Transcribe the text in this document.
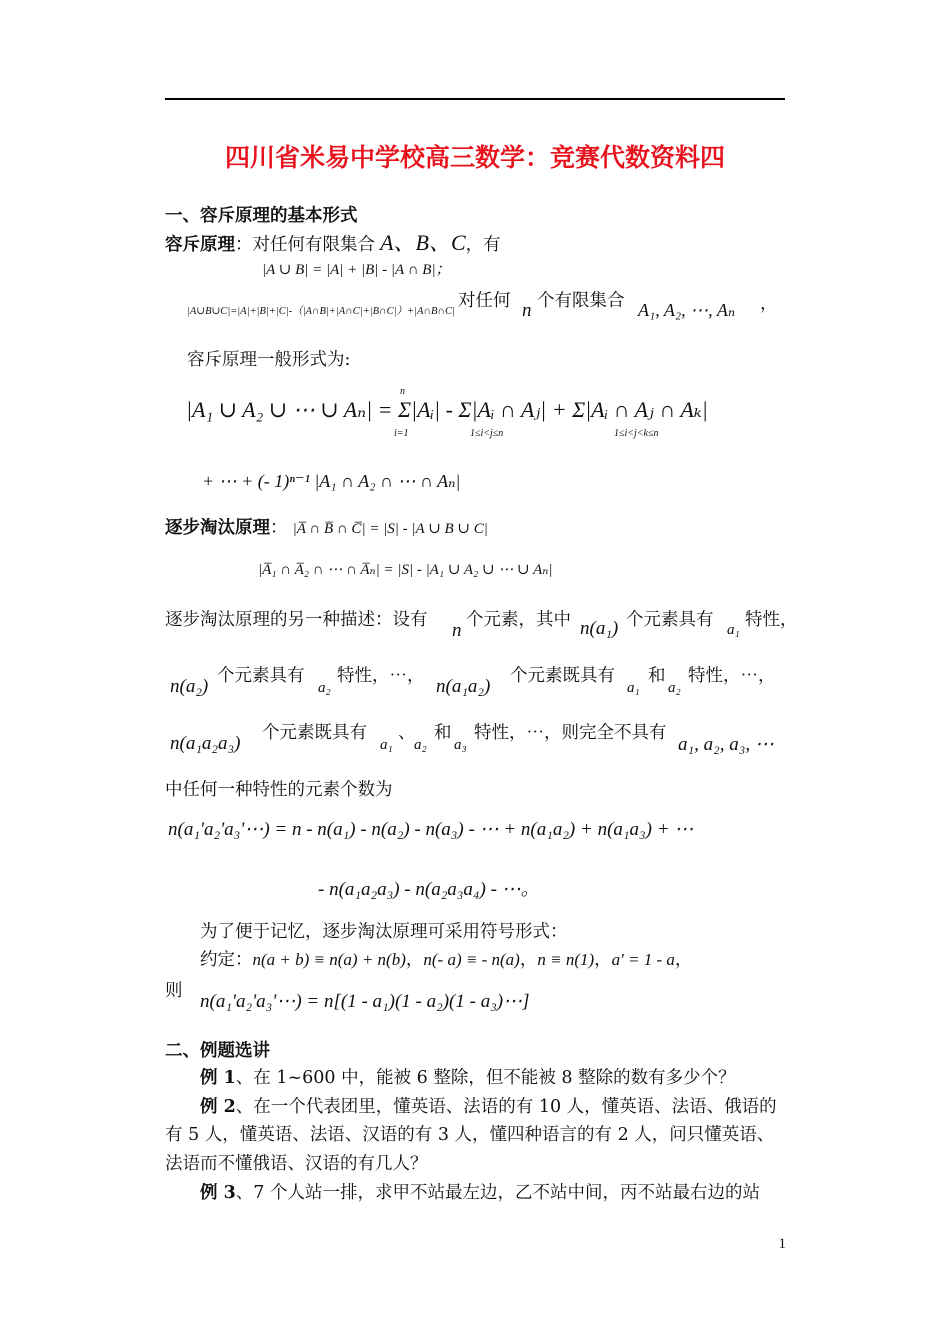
四川省米易中学校高三数学：竞赛代数资料四
一、容斥原理的基本形式
容斥原理：对任何有限集合 A、B、C，有
|A ∪ B| = |A| + |B| - |A ∩ B|；
|A∪B∪C|=|A|+|B|+|C|-（|A∩B|+|A∩C|+|B∩C|）+|A∩B∩C|
对任何 n 个有限集合 A₁, A₂, ⋯, Aₙ ，
容斥原理一般形式为:
|A₁ ∪ A₂ ∪ ⋯ ∪ Aₙ| = Σ|Aᵢ| - Σ|Aᵢ ∩ Aⱼ| + Σ|Aᵢ ∩ Aⱼ ∩ Aₖ|
n
i=1	1≤i<j≤n	1≤i<j<k≤n
+ ⋯ + (- 1)ⁿ⁻¹ |A₁ ∩ A₂ ∩ ⋯ ∩ Aₙ|
逐步淘汰原理： |A̅ ∩ B̅ ∩ C̅| = |S| - |A ∪ B ∪ C|
|A̅₁ ∩ A̅₂ ∩ ⋯ ∩ A̅ₙ| = |S| - |A₁ ∪ A₂ ∪ ⋯ ∪ Aₙ|
逐步淘汰原理的另一种描述：设有 n 个元素，其中 n(a₁) 个元素具有 a₁ 特性，
n(a₂) 个元素具有
a₂
特性，⋯， n(a₁a₂) 个元素既具有
a₁
和
a₂
特性，⋯，
n(a₁a₂a₃) 个元素既具有
a₁
、
a₂
和
a₃
特性，⋯，则完全不具有
a₁, a₂, a₃, ⋯
中任何一种特性的元素个数为
n(a₁'a₂'a₃'⋯) = n - n(a₁) - n(a₂) - n(a₃) - ⋯ + n(a₁a₂) + n(a₁a₃) + ⋯
- n(a₁a₂a₃) - n(a₂a₃a₄) - ⋯。
为了便于记忆，逐步淘汰原理可采用符号形式：
约定：n(a + b) ≡ n(a) + n(b)，n(- a) ≡ - n(a)，n ≡ n(1)，a' = 1 - a，
则 n(a₁'a₂'a₃'⋯) = n[(1 - a₁)(1 - a₂)(1 - a₃)⋯]
二、例题选讲
例 1、在 1~600 中，能被 6 整除，但不能被 8 整除的数有多少个？
例 2、在一个代表团里，懂英语、法语的有 10 人，懂英语、法语、俄语的
有 5 人，懂英语、法语、汉语的有 3 人，懂四种语言的有 2 人，问只懂英语、
法语而不懂俄语、汉语的有几人？
例 3、7 个人站一排，求甲不站最左边，乙不站中间，丙不站最右边的站
1
